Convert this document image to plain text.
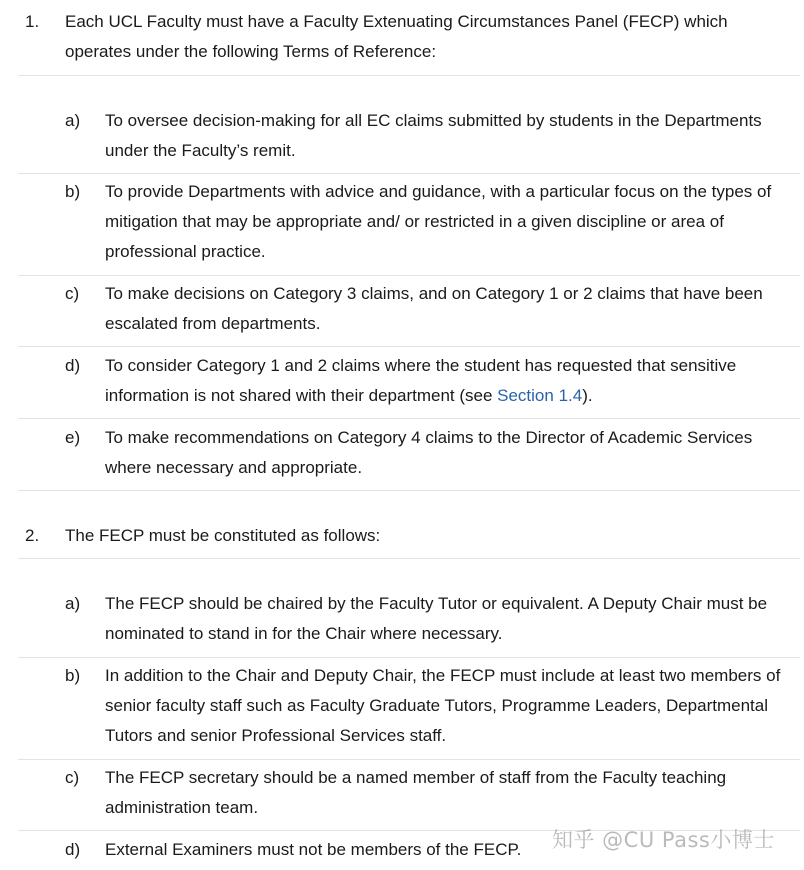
1. Each UCL Faculty must have a Faculty Extenuating Circumstances Panel (FECP) which operates under the following Terms of Reference:
a) To oversee decision-making for all EC claims submitted by students in the Departments under the Faculty’s remit.
b) To provide Departments with advice and guidance, with a particular focus on the types of mitigation that may be appropriate and/ or restricted in a given discipline or area of professional practice.
c) To make decisions on Category 3 claims, and on Category 1 or 2 claims that have been escalated from departments.
d) To consider Category 1 and 2 claims where the student has requested that sensitive information is not shared with their department (see Section 1.4).
e) To make recommendations on Category 4 claims to the Director of Academic Services where necessary and appropriate.
2. The FECP must be constituted as follows:
a) The FECP should be chaired by the Faculty Tutor or equivalent. A Deputy Chair must be nominated to stand in for the Chair where necessary.
b) In addition to the Chair and Deputy Chair, the FECP must include at least two members of senior faculty staff such as Faculty Graduate Tutors, Programme Leaders, Departmental Tutors and senior Professional Services staff.
c) The FECP secretary should be a named member of staff from the Faculty teaching administration team.
d) External Examiners must not be members of the FECP.	知乎 @CU Pass小博士
